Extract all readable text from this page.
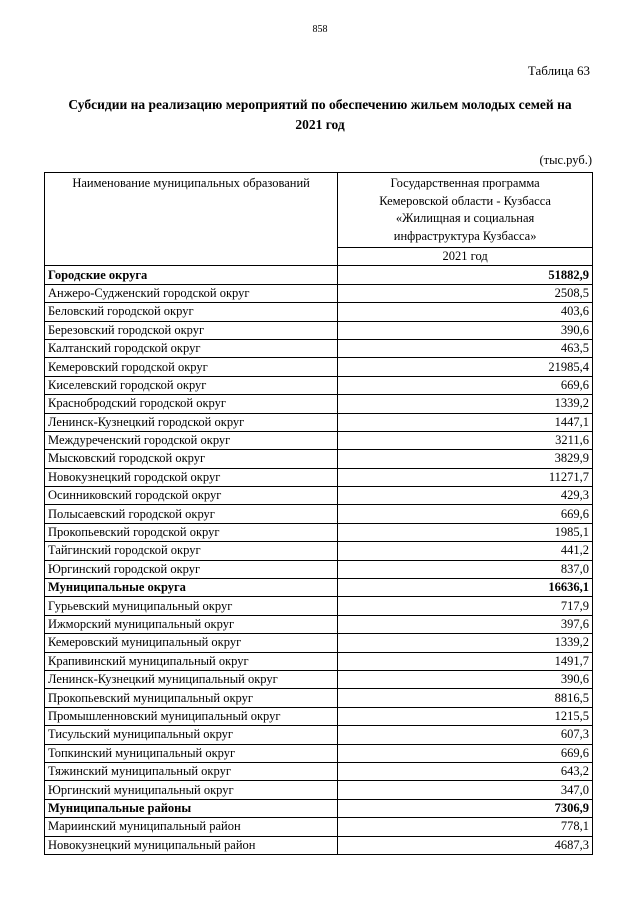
858
Таблица 63
Субсидии на реализацию мероприятий по обеспечению жильем молодых семей на
2021 год
(тыс.руб.)
Наименование муниципальных образований	Государственная программа
Кемеровской области - Кузбасса
«Жилищная и социальная
инфраструктура Кузбасса»

	2021 год
Городские округа	51882,9
Анжеро-Судженский городской округ	2508,5
Беловский городской округ	403,6
Березовский городской округ	390,6
Калтанский городской округ	463,5
Кемеровский городской округ	21985,4
Киселевский городской округ	669,6
Краснобродский городской округ	1339,2
Ленинск-Кузнецкий городской округ	1447,1
Междуреченский городской округ	3211,6
Мысковский городской округ	3829,9
Новокузнецкий городской округ	11271,7
Осинниковский городской округ	429,3
Полысаевский городской округ	669,6
Прокопьевский городской округ	1985,1
Тайгинский городской округ	441,2
Юргинский городской округ	837,0
Муниципальные округа	16636,1
Гурьевский муниципальный округ	717,9
Ижморский муниципальный округ	397,6
Кемеровский муниципальный округ	1339,2
Крапивинский муниципальный округ	1491,7
Ленинск-Кузнецкий муниципальный округ	390,6
Прокопьевский муниципальный округ	8816,5
Промышленновский муниципальный округ	1215,5
Тисульский муниципальный округ	607,3
Топкинский муниципальный округ	669,6
Тяжинский муниципальный округ	643,2
Юргинский муниципальный округ	347,0
Муниципальные районы	7306,9
Мариинский муниципальный район	778,1
Новокузнецкий муниципальный район	4687,3
